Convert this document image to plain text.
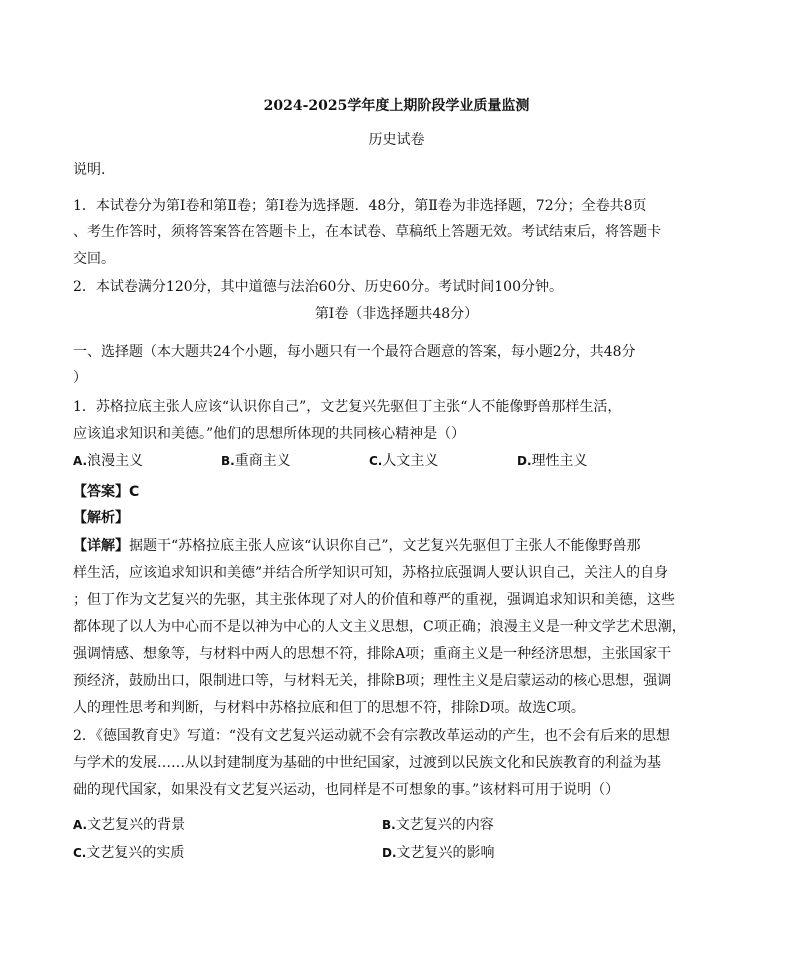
2024-2025学年度上期阶段学业质量监测
历史试卷
说明.
1．本试卷分为第Ⅰ卷和第Ⅱ卷；第Ⅰ卷为选择题．48分，第Ⅱ卷为非选择题，72分；全卷共8页
、考生作答时，须将答案答在答题卡上，在本试卷、草稿纸上答题无效。考试结束后，将答题卡
交回。
2．本试卷满分120分，其中道德与法治60分、历史60分。考试时间100分钟。
第Ⅰ卷（非选择题共48分）
一、选择题（本大题共24个小题，每小题只有一个最符合题意的答案，每小题2分，共48分
）
1．苏格拉底主张人应该“认识你自己”，文艺复兴先驱但丁主张“人不能像野兽那样生活，
应该追求知识和美德。”他们的思想所体现的共同核心精神是（）
A.浪漫主义	B.重商主义	C.人文主义	D.理性主义
【答案】C
【解析】
【详解】据题干“苏格拉底主张人应该“认识你自己”，文艺复兴先驱但丁主张人不能像野兽那
样生活，应该追求知识和美德”并结合所学知识可知，苏格拉底强调人要认识自己，关注人的自身
；但丁作为文艺复兴的先驱，其主张体现了对人的价值和尊严的重视，强调追求知识和美德，这些
都体现了以人为中心而不是以神为中心的人文主义思想，C项正确；浪漫主义是一种文学艺术思潮，
强调情感、想象等，与材料中两人的思想不符，排除A项；重商主义是一种经济思想，主张国家干
预经济，鼓励出口，限制进口等，与材料无关，排除B项；理性主义是启蒙运动的核心思想，强调
人的理性思考和判断，与材料中苏格拉底和但丁的思想不符，排除D项。故选C项。
2．《德国教育史》写道：“没有文艺复兴运动就不会有宗教改革运动的产生，也不会有后来的思想
与学术的发展……从以封建制度为基础的中世纪国家，过渡到以民族文化和民族教育的利益为基
础的现代国家，如果没有文艺复兴运动，也同样是不可想象的事。”该材料可用于说明（）
A.文艺复兴的背景	B.文艺复兴的内容
C.文艺复兴的实质	D.文艺复兴的影响
